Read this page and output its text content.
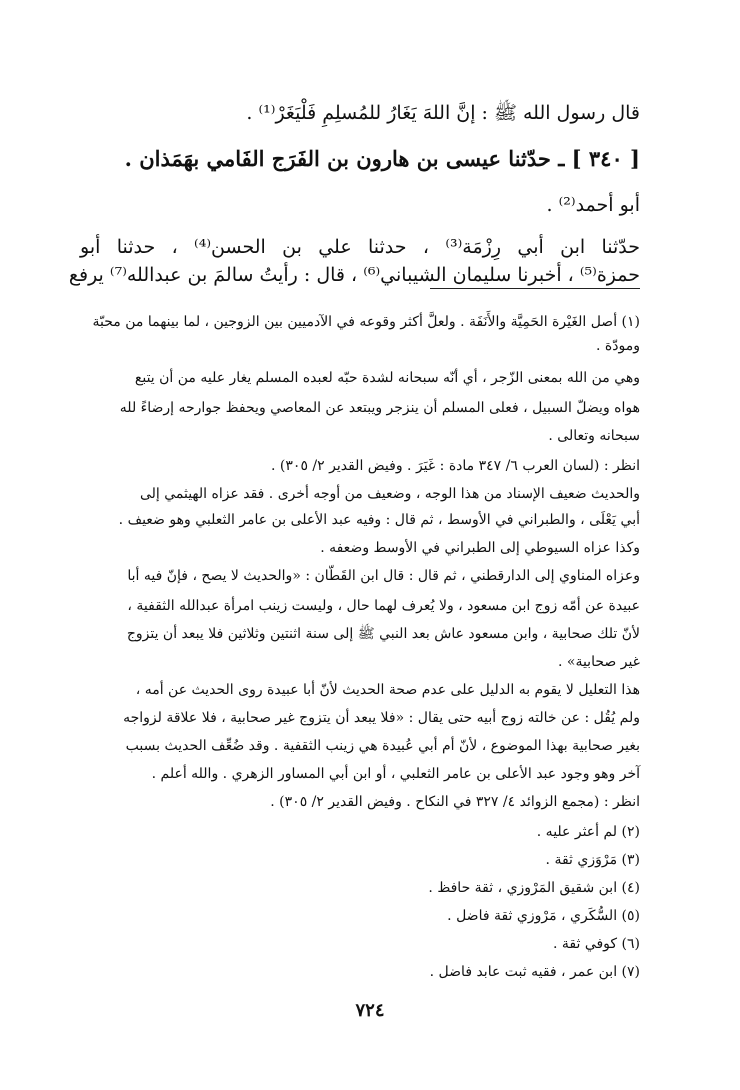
قال رسول الله ﷺ : إنَّ اللهَ يَغَارُ للمُسلِمِ فَلْيَغَرْ⁽¹⁾ .
[ ٣٤٠ ] ـ حدّثنا عيسى بن هارون بن الفَرَج الفَامي بهَمَذان .
أبو أحمد⁽²⁾ .
حدّثنا ابن أبي رِزْمَة⁽³⁾ ، حدثنا علي بن الحسن⁽⁴⁾ ، حدثنا أبو
حمزة⁽⁵⁾ ، أخبرنا سليمان الشيباني⁽⁶⁾ ، قال : رأيتُ سالمَ بن عبدالله⁽⁷⁾ يرفع
(١) أصل الغَيْرة الحَمِيَّة والأَنَفَة . ولعلَّ أكثر وقوعه في الآدميين بين الزوجين ، لما بينهما من محبّة
ومودّة .
وهي من الله بمعنى الزّجر ، أي أنّه سبحانه لشدة حبّه لعبده المسلم يغار عليه من أن يتبع
هواه ويضلّ السبيل ، فعلى المسلم أن ينزجر ويبتعد عن المعاصي ويحفظ جوارحه إرضاءً لله
سبحانه وتعالى .
انظر : (لسان العرب ٦/ ٣٤٧ مادة : غَيَرَ . وفيض القدير ٢/ ٣٠٥) .
والحديث ضعيف الإسناد من هذا الوجه ، وضعيف من أوجه أخرى . فقد عزاه الهيثمي إلى
أبي يَعْلَى ، والطبراني في الأوسط ، ثم قال : وفيه عبد الأعلى بن عامر الثعلبي وهو ضعيف .
وكذا عزاه السيوطي إلى الطبراني في الأوسط وضعفه .
وعزاه المناوي إلى الدارقطني ، ثم قال : قال ابن القَطّان : «والحديث لا يصح ، فإنّ فيه أبا
عبيدة عن أمّه زوج ابن مسعود ، ولا يُعرف لهما حال ، وليست زينب امرأة عبدالله الثقفية ،
لأنّ تلك صحابية ، وابن مسعود عاش بعد النبي ﷺ إلى سنة اثنتين وثلاثين فلا يبعد أن يتزوج
غير صحابية» .
هذا التعليل لا يقوم به الدليل على عدم صحة الحديث لأنّ أبا عبيدة روى الحديث عن أمه ،
ولم يُقُل : عن خالته زوج أبيه حتى يقال : «فلا يبعد أن يتزوج غير صحابية ، فلا علاقة لزواجه
بغير صحابية بهذا الموضوع ، لأنّ أم أبي عُبيدة هي زينب الثقفية . وقد ضُعِّف الحديث بسبب
آخر وهو وجود عبد الأعلى بن عامر الثعلبي ، أو ابن أبي المساور الزهري . والله أعلم .
انظر : (مجمع الزوائد ٤/ ٣٢٧ في النكاح . وفيض القدير ٢/ ٣٠٥) .
(٢) لم أعثر عليه .
(٣) مَرْوَزي ثقة .
(٤) ابن شقيق المَرْوزي ، ثقة حافظ .
(٥) السُّكَري ، مَرْوزي ثقة فاضل .
(٦) كوفي ثقة .
(٧) ابن عمر ، فقيه ثبت عابد فاضل .
٧٢٤
